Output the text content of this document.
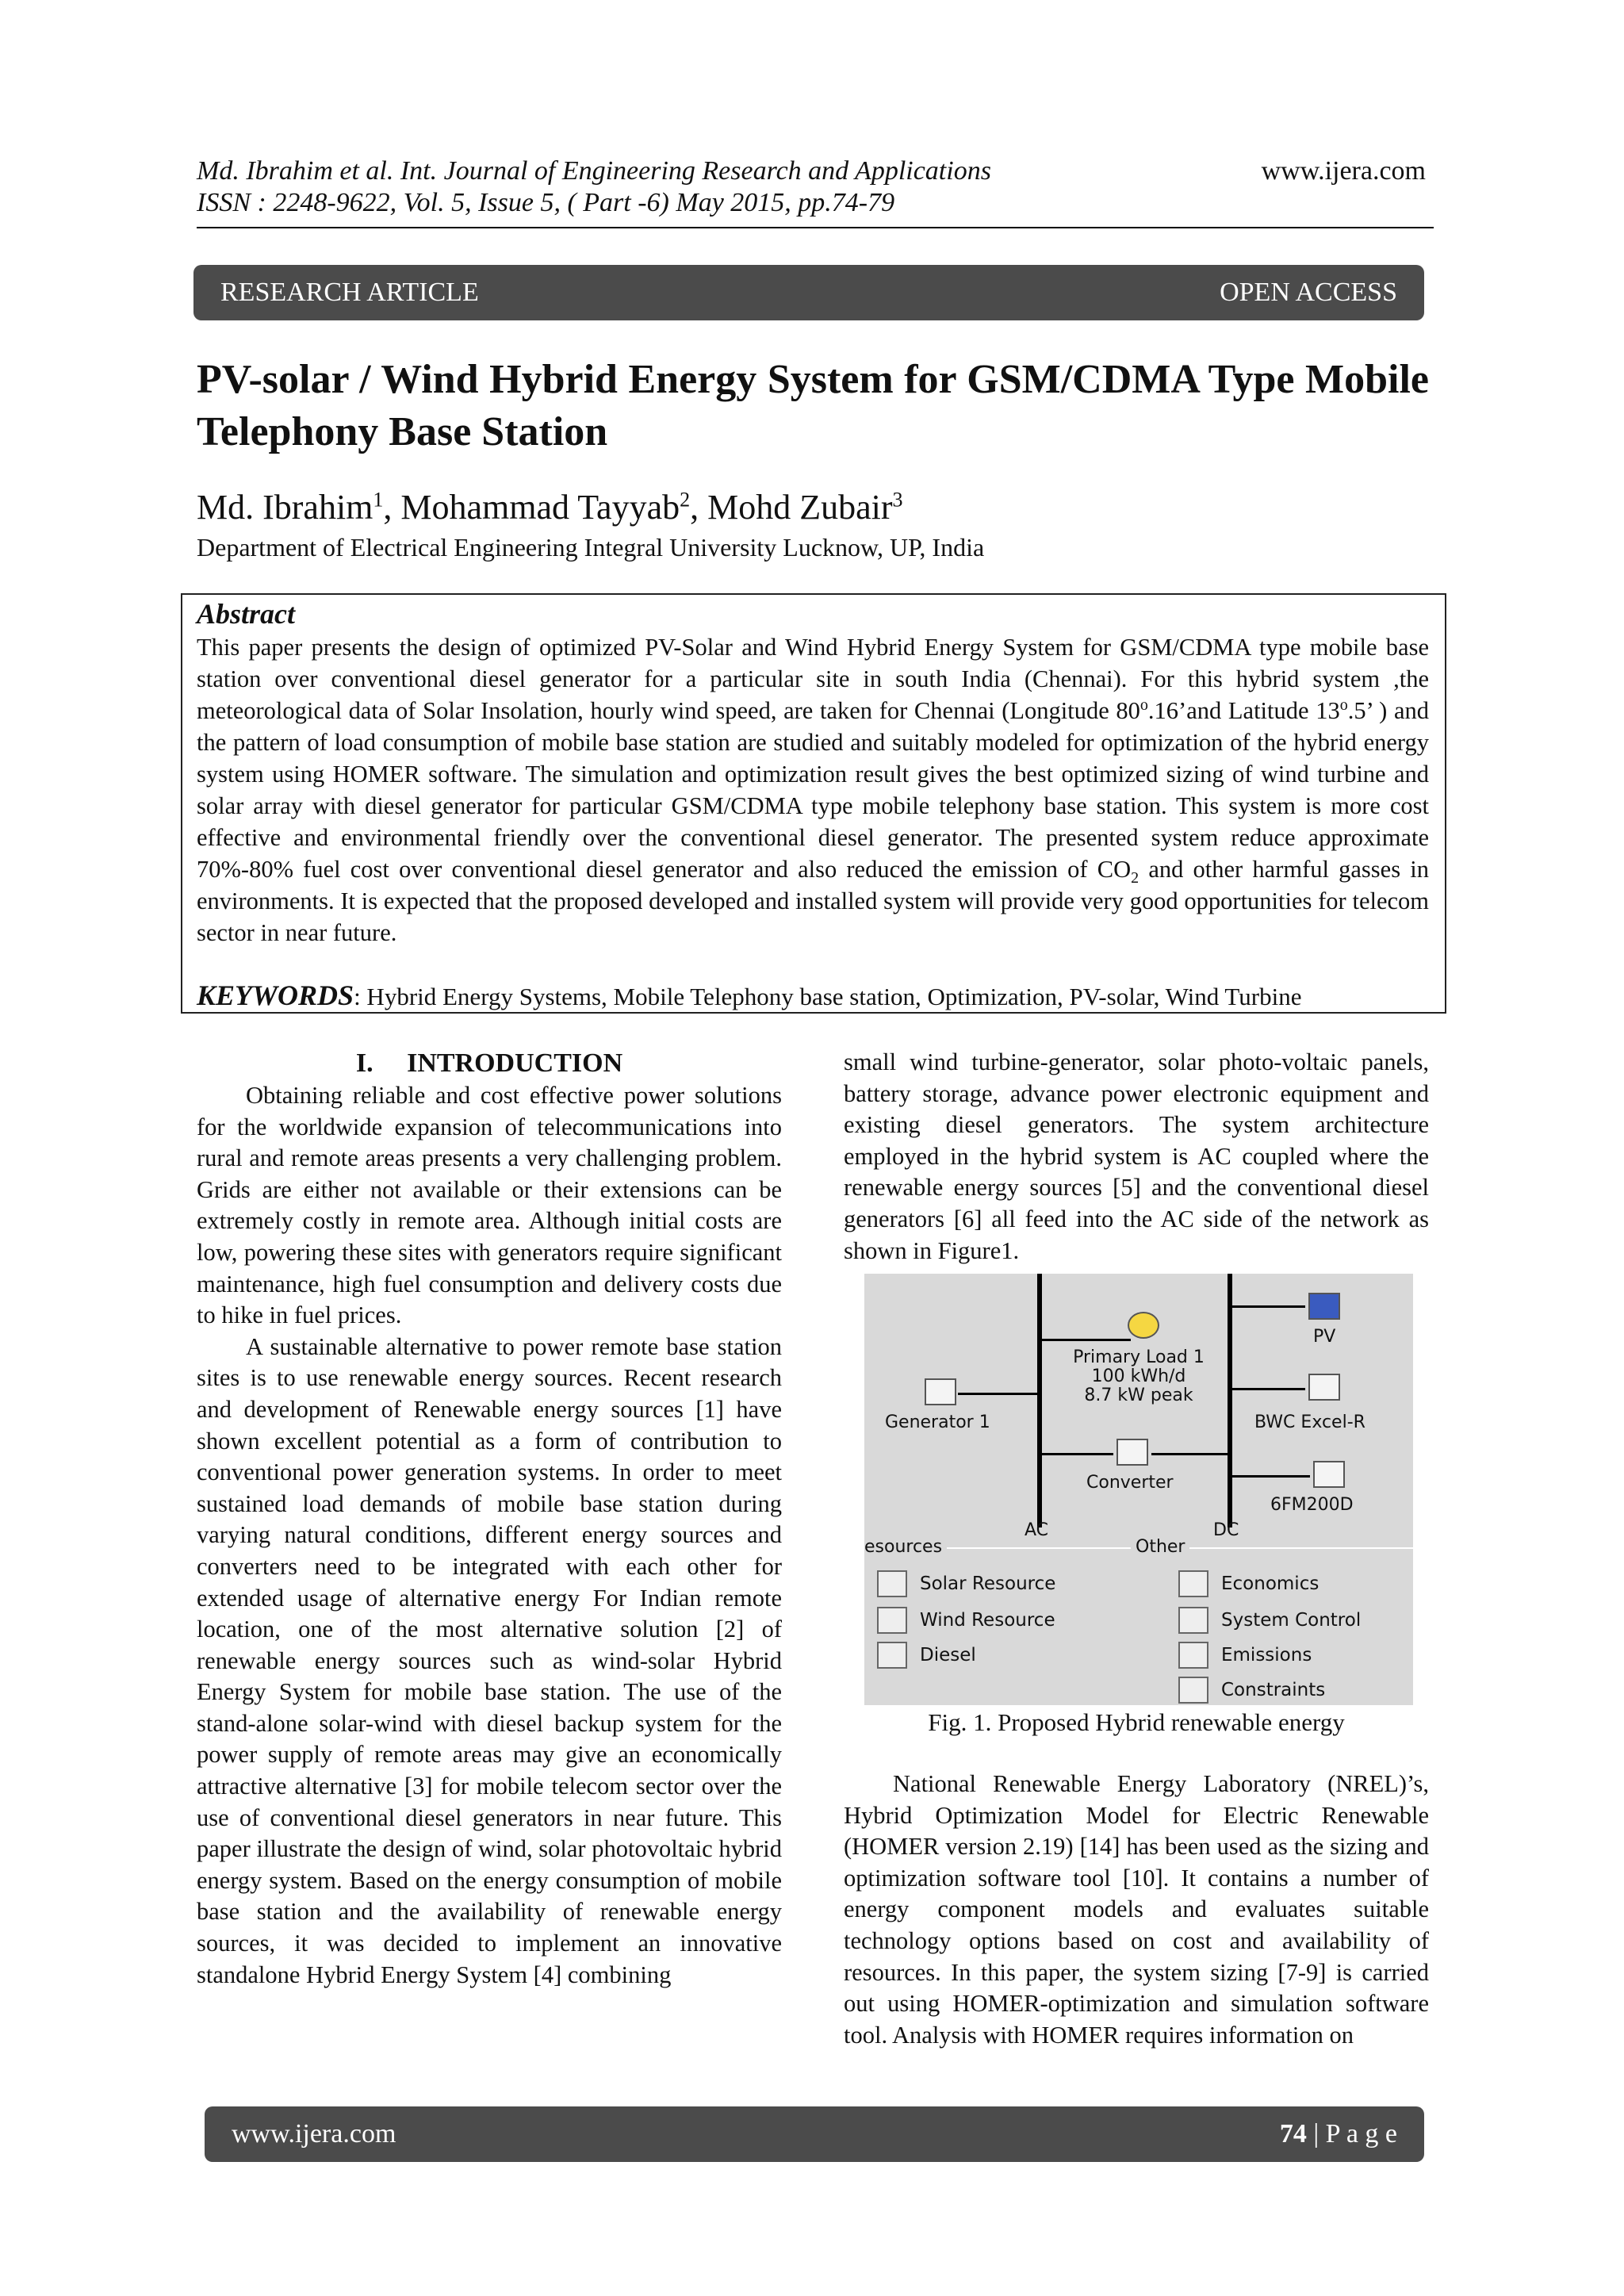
Md. Ibrahim et al. Int. Journal of Engineering Research and Applications
ISSN : 2248-9622, Vol. 5, Issue 5, ( Part -6) May 2015, pp.74-79
www.ijera.com
RESEARCH ARTICLE	OPEN ACCESS
PV-solar / Wind Hybrid Energy System for GSM/CDMA Type Mobile Telephony Base Station
Md. Ibrahim$^1$, Mohammad Tayyab$^2$, Mohd Zubair$^3$
Department of Electrical Engineering Integral University Lucknow, UP, India
Abstract
This paper presents the design of optimized PV-Solar and Wind Hybrid Energy System for GSM/CDMA type mobile base station over conventional diesel generator for a particular site in south India (Chennai). For this hybrid system ,the meteorological data of Solar Insolation, hourly wind speed, are taken for Chennai (Longitude 80$^o$.16’and Latitude 13$^o$.5’ ) and the pattern of load consumption of mobile base station are studied and suitably modeled for optimization of the hybrid energy system using HOMER software. The simulation and optimization result gives the best optimized sizing of wind turbine and solar array with diesel generator for particular GSM/CDMA type mobile telephony base station. This system is more cost effective and environmental friendly over the conventional diesel generator. The presented system reduce approximate 70%-80% fuel cost over conventional diesel generator and also reduced the emission of $CO_2$ and other harmful gasses in environments. It is expected that the proposed developed and installed system will provide very good opportunities for telecom sector in near future.
KEYWORDS: Hybrid Energy Systems, Mobile Telephony base station, Optimization, PV-solar, Wind Turbine
I. INTRODUCTION

Obtaining reliable and cost effective power solutions for the worldwide expansion of telecommunications into rural and remote areas presents a very challenging problem. Grids are either not available or their extensions can be extremely costly in remote area. Although initial costs are low, powering these sites with generators require significant maintenance, high fuel consumption and delivery costs due to hike in fuel prices.

A sustainable alternative to power remote base station sites is to use renewable energy sources. Recent research and development of Renewable energy sources [1] have shown excellent potential as a form of contribution to conventional power generation systems. In order to meet sustained load demands of mobile base station during varying natural conditions, different energy sources and converters need to be integrated with each other for extended usage of alternative energy For Indian remote location, one of the most alternative solution [2] of renewable energy sources such as wind-solar Hybrid Energy System for mobile base station. The use of the stand-alone solar-wind with diesel backup system for the power supply of remote areas may give an economically attractive alternative [3] for mobile telecom sector over the use of conventional diesel generators in near future. This paper illustrate the design of wind, solar photovoltaic hybrid energy system. Based on the energy consumption of mobile base station and the availability of renewable energy sources, it was decided to implement an innovative standalone Hybrid Energy System [4] combining

small wind turbine-generator, solar photo-voltaic panels, battery storage, advance power electronic equipment and existing diesel generators. The system architecture employed in the hybrid system is AC coupled where the renewable energy sources [5] and the conventional diesel generators [6] all feed into the AC side of the network as shown in Figure1.

AC	DC
Primary Load 1
100 kWh/d
8.7 kW peak
Generator 1
PV
BWC Excel-R
Converter
6FM200D
esources	Other
Solar Resource
Wind Resource
Diesel
Economics
System Control
Emissions
Constraints
Fig. 1. Proposed Hybrid renewable energy

National Renewable Energy Laboratory (NREL)’s, Hybrid Optimization Model for Electric Renewable (HOMER version 2.19) [14] has been used as the sizing and optimization software tool [10]. It contains a number of energy component models and evaluates suitable technology options based on cost and availability of resources. In this paper, the system sizing [7-9] is carried out using HOMER-optimization and simulation software tool. Analysis with HOMER requires information on

www.ijera.com	74 | P a g e
